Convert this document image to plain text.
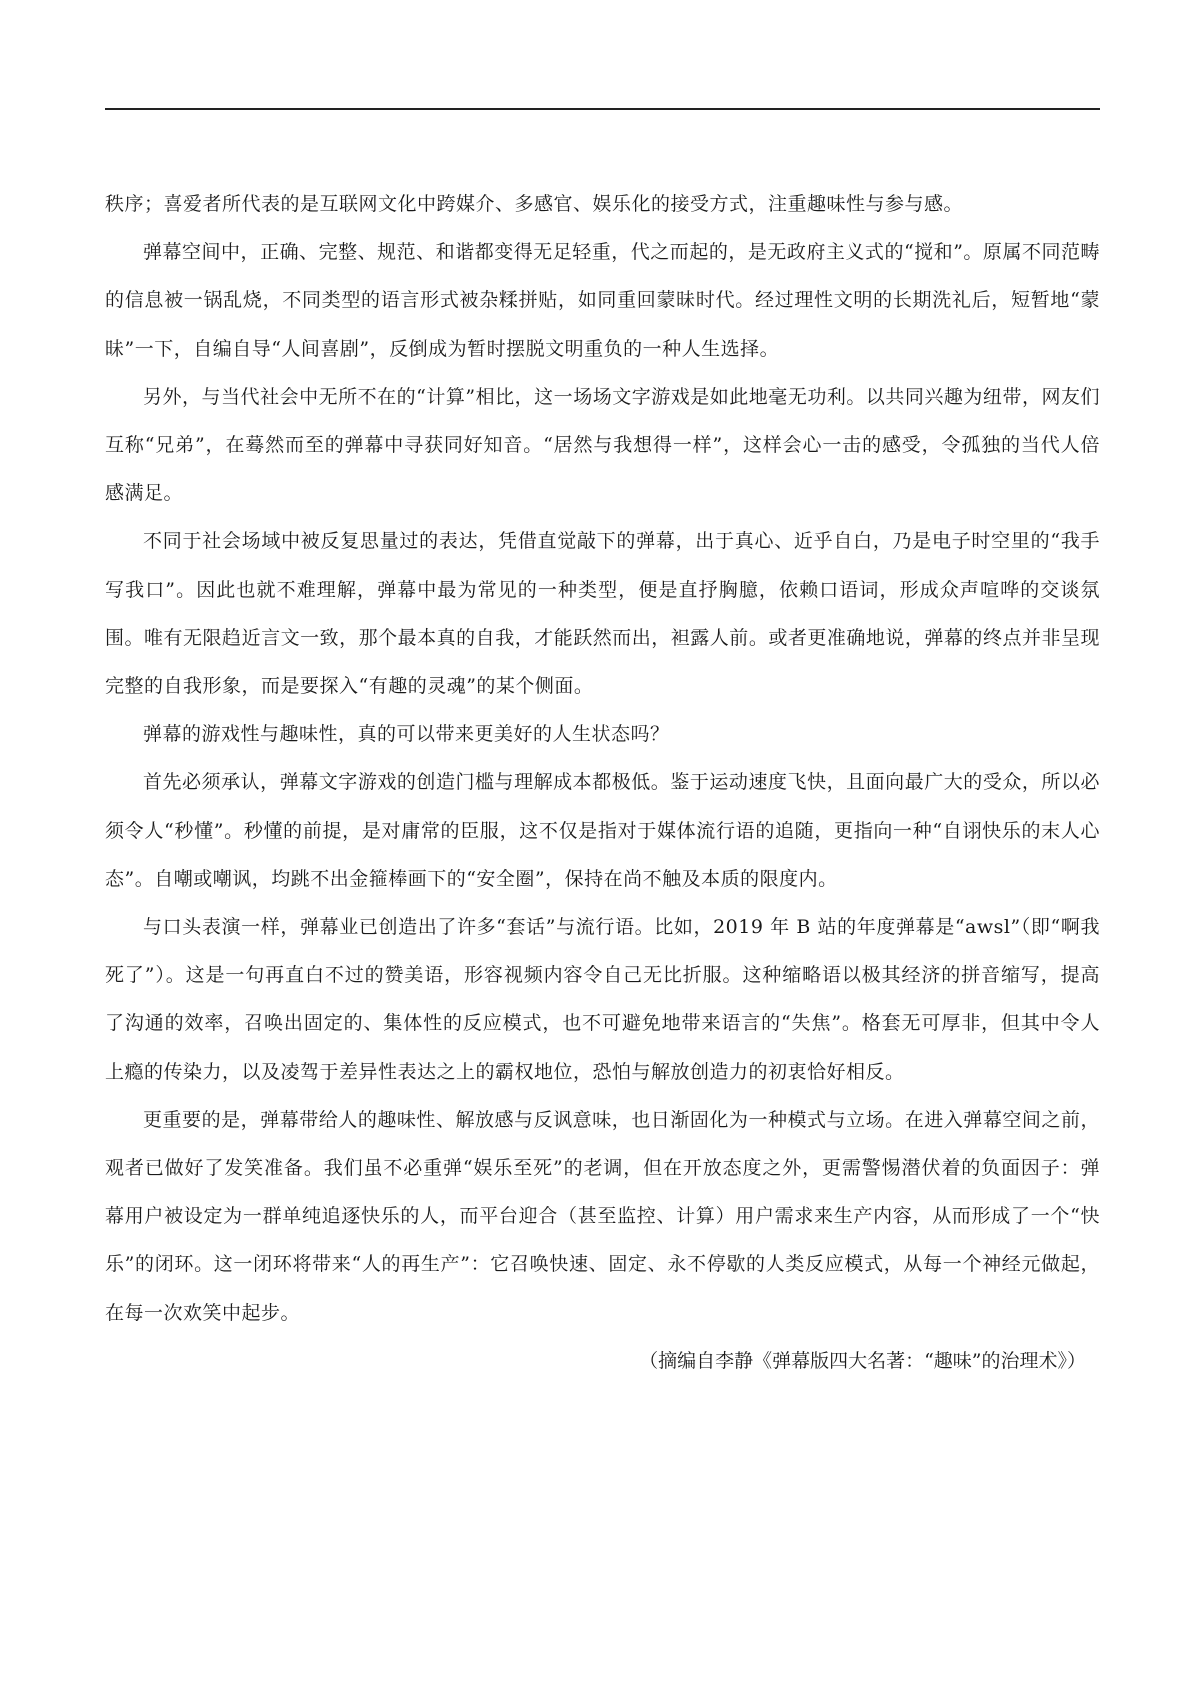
秩序；喜爱者所代表的是互联网文化中跨媒介、多感官、娱乐化的接受方式，注重趣味性与参与感。

弹幕空间中，正确、完整、规范、和谐都变得无足轻重，代之而起的，是无政府主义式的“搅和”。原属不同范畴的信息被一锅乱烧，不同类型的语言形式被杂糅拼贴，如同重回蒙昧时代。经过理性文明的长期洗礼后，短暂地“蒙昧”一下，自编自导“人间喜剧”，反倒成为暂时摆脱文明重负的一种人生选择。

另外，与当代社会中无所不在的“计算”相比，这一场场文字游戏是如此地毫无功利。以共同兴趣为纽带，网友们互称“兄弟”，在蓦然而至的弹幕中寻获同好知音。“居然与我想得一样”，这样会心一击的感受，令孤独的当代人倍感满足。

不同于社会场域中被反复思量过的表达，凭借直觉敲下的弹幕，出于真心、近乎自白，乃是电子时空里的“我手写我口”。因此也就不难理解，弹幕中最为常见的一种类型，便是直抒胸臆，依赖口语词，形成众声喧哗的交谈氛围。唯有无限趋近言文一致，那个最本真的自我，才能跃然而出，袒露人前。或者更准确地说，弹幕的终点并非呈现完整的自我形象，而是要探入“有趣的灵魂”的某个侧面。

弹幕的游戏性与趣味性，真的可以带来更美好的人生状态吗？

首先必须承认，弹幕文字游戏的创造门槛与理解成本都极低。鉴于运动速度飞快，且面向最广大的受众，所以必须令人“秒懂”。秒懂的前提，是对庸常的臣服，这不仅是指对于媒体流行语的追随，更指向一种“自诩快乐的末人心态”。自嘲或嘲讽，均跳不出金箍棒画下的“安全圈”，保持在尚不触及本质的限度内。

与口头表演一样，弹幕业已创造出了许多“套话”与流行语。比如，2019 年 B 站的年度弹幕是“awsl”（即“啊我死了”）。这是一句再直白不过的赞美语，形容视频内容令自己无比折服。这种缩略语以极其经济的拼音缩写，提高了沟通的效率，召唤出固定的、集体性的反应模式，也不可避免地带来语言的“失焦”。格套无可厚非，但其中令人上瘾的传染力，以及凌驾于差异性表达之上的霸权地位，恐怕与解放创造力的初衷恰好相反。

更重要的是，弹幕带给人的趣味性、解放感与反讽意味，也日渐固化为一种模式与立场。在进入弹幕空间之前，观者已做好了发笑准备。我们虽不必重弹“娱乐至死”的老调，但在开放态度之外，更需警惕潜伏着的负面因子：弹幕用户被设定为一群单纯追逐快乐的人，而平台迎合（甚至监控、计算）用户需求来生产内容，从而形成了一个“快乐”的闭环。这一闭环将带来“人的再生产”：它召唤快速、固定、永不停歇的人类反应模式，从每一个神经元做起，在每一次欢笑中起步。

（摘编自李静《弹幕版四大名著：“趣味”的治理术》）
